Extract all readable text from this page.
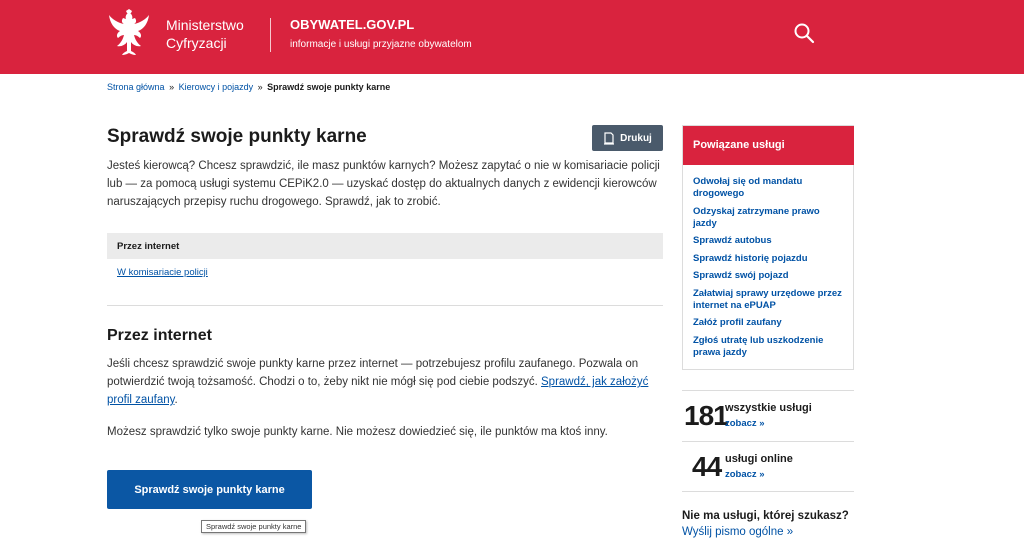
Ministerstwo
Cyfryzacji
OBYWATEL.GOV.PL
informacje i usługi przyjazne obywatelom
Strona główna » Kierowcy i pojazdy » Sprawdź swoje punkty karne
Sprawdź swoje punkty karne	Drukuj

Jesteś kierowcą? Chcesz sprawdzić, ile masz punktów karnych? Możesz zapytać o nie w komisariacie policji lub — za pomocą usługi systemu CEPiK2.0 — uzyskać dostęp do aktualnych danych z ewidencji kierowców naruszających przepisy ruchu drogowego. Sprawdź, jak to zrobić.

Przez internet
W komisariacie policji
Przez internet

Jeśli chcesz sprawdzić swoje punkty karne przez internet — potrzebujesz profilu zaufanego. Pozwala on potwierdzić twoją tożsamość. Chodzi o to, żeby nikt nie mógł się pod ciebie podszyć. Sprawdź, jak założyć profil zaufany.

Możesz sprawdzić tylko swoje punkty karne. Nie możesz dowiedzieć się, ile punktów ma ktoś inny.

Sprawdź swoje punkty karne
Sprawdź swoje punkty karne
Powiązane usługi
Odwołaj się od mandatu drogowego
Odzyskaj zatrzymane prawo jazdy
Sprawdź autobus
Sprawdź historię pojazdu
Sprawdź swój pojazd
Załatwiaj sprawy urzędowe przez internet na ePUAP
Załóż profil zaufany
Zgłoś utratę lub uszkodzenie prawa jazdy
181
wszystkie usługi
zobacz »
44 usługi online
zobacz »
Nie ma usługi, której szukasz?
Wyślij pismo ogólne »
